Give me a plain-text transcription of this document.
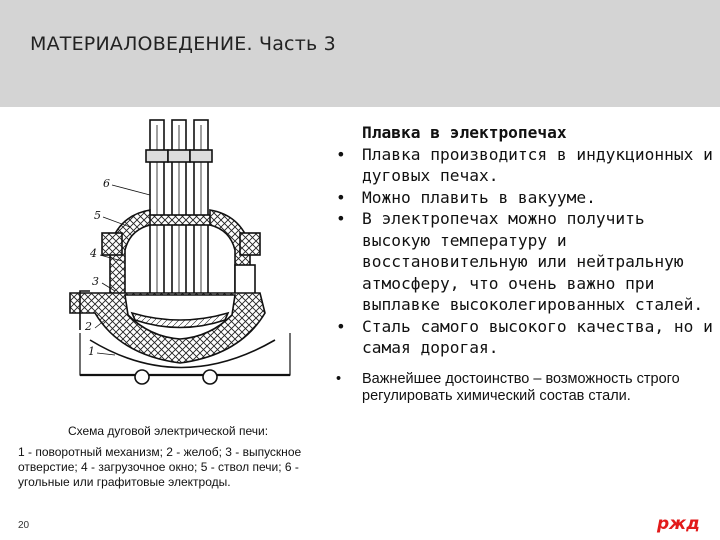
МАТЕРИАЛОВЕДЕНИЕ. Часть 3
6
5
4
3
2
1
Схема дуговой электрической печи:
1 - поворотный механизм; 2 - желоб; 3 - выпускное отверстие; 4 - загрузочное окно; 5 - ствол печи; 6 - угольные или графитовые электроды.
20
Плавка в электропечах
• Плавка производится в индукционных и дуговых печах.
• Можно плавить в вакууме.
• В электропечах можно получить высокую температуру и восстановительную или нейтральную атмосферу, что очень важно при выплавке высоколегированных сталей.
• Сталь самого высокого качества, но и самая дорогая.
• Важнейшее достоинство – возможность строго регулировать химический состав стали.
ржд
